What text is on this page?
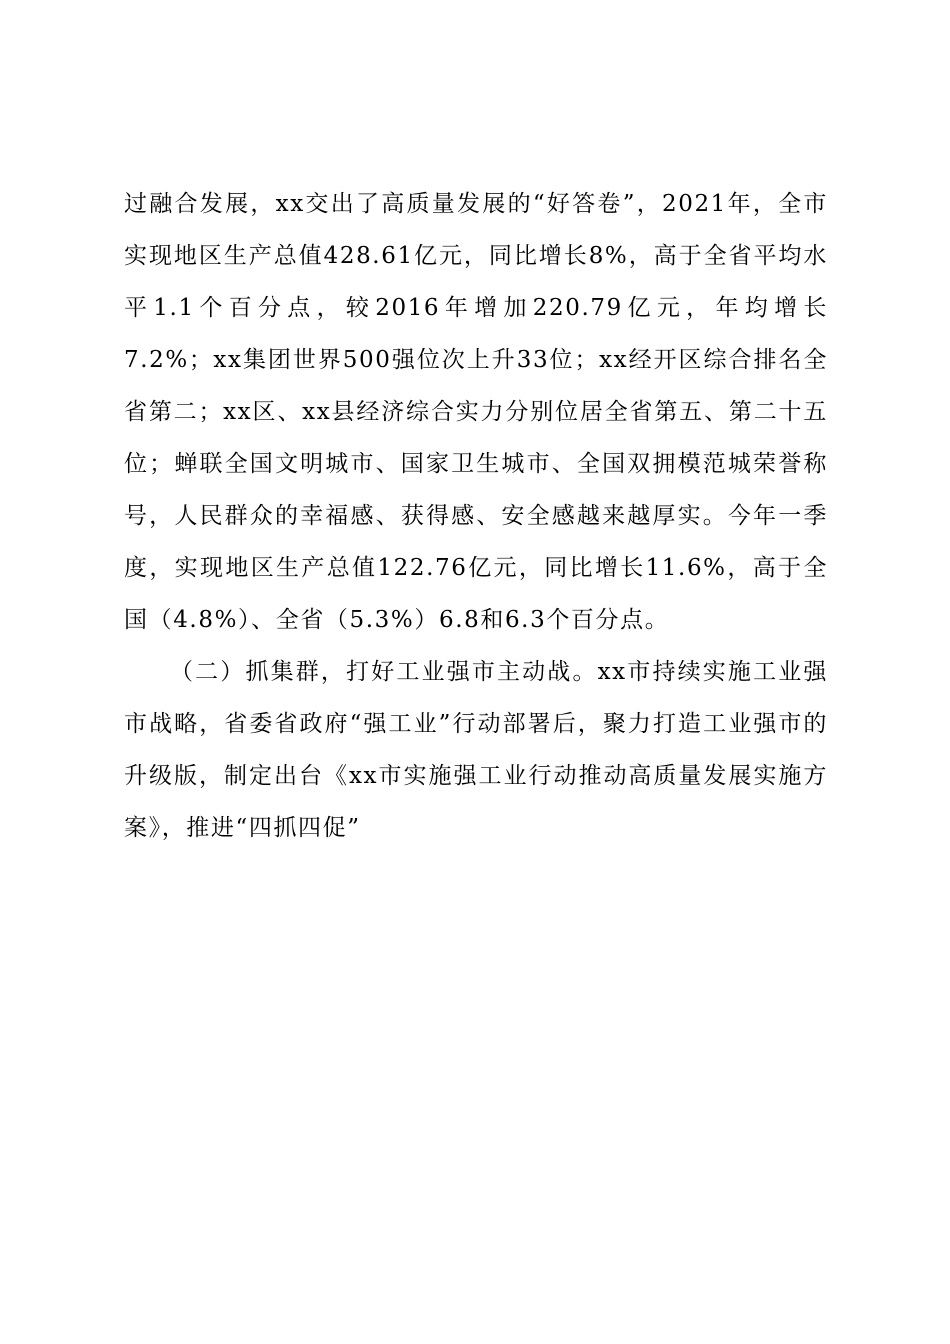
过融合发展，xx交出了高质量发展的“好答卷”，2021年，全市实现地区生产总值428.61亿元，同比增长8%，高于全省平均水平1.1个百分点，较2016年增加220.79亿元，年均增长7.2%；xx集团世界500强位次上升33位；xx经开区综合排名全省第二；xx区、xx县经济综合实力分别位居全省第五、第二十五位；蝉联全国文明城市、国家卫生城市、全国双拥模范城荣誉称号，人民群众的幸福感、获得感、安全感越来越厚实。今年一季度，实现地区生产总值122.76亿元，同比增长11.6%，高于全国（4.8%）、全省（5.3%）6.8和6.3个百分点。

（二）抓集群，打好工业强市主动战。xx市持续实施工业强市战略，省委省政府“强工业”行动部署后，聚力打造工业强市的升级版，制定出台《xx市实施强工业行动推动高质量发展实施方案》，推进“四抓四促”
